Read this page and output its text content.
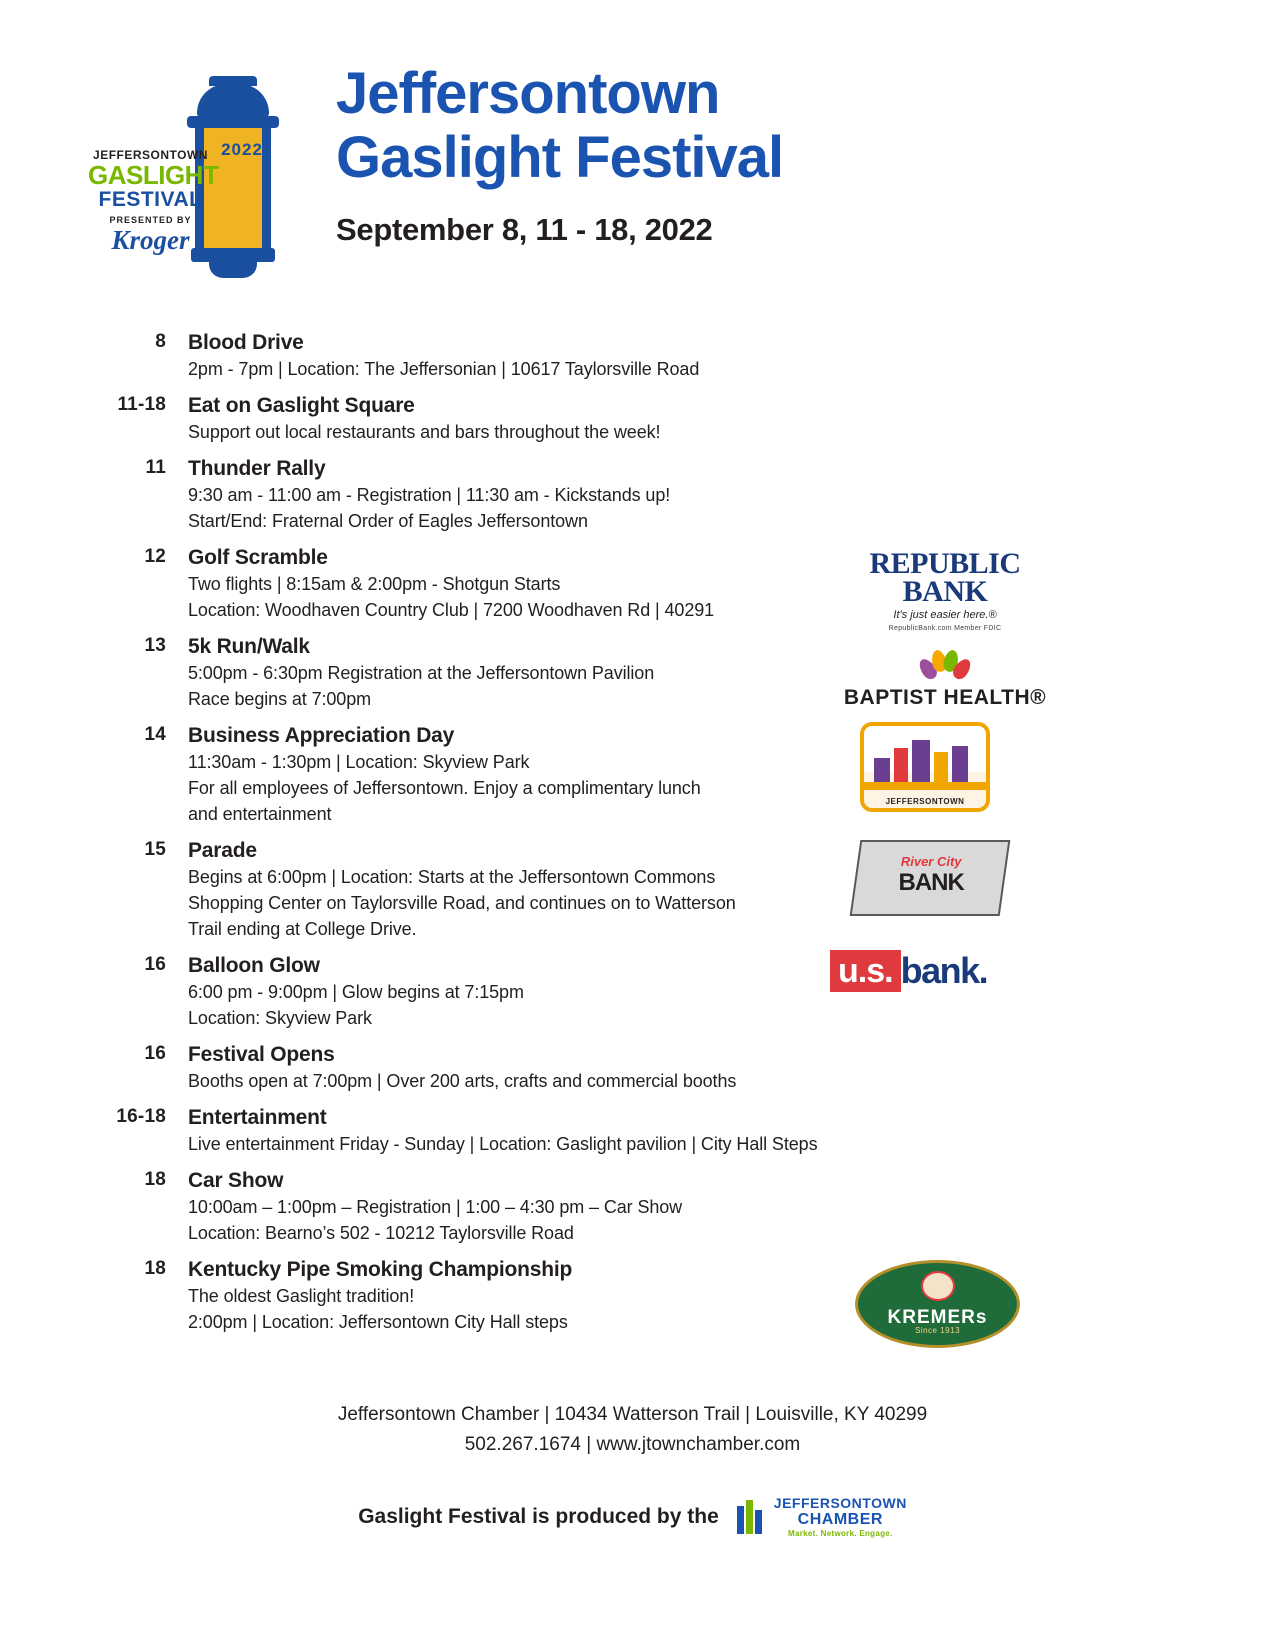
2022
JEFFERSONTOWN
GASLIGHT
FESTIVAL
PRESENTED BY
Kroger
Jeffersontown
Gaslight Festival
September 8, 11 - 18, 2022
8 Blood Drive
2pm - 7pm | Location: The Jeffersonian | 10617 Taylorsville Road
11-18 Eat on Gaslight Square
Support out local restaurants and bars throughout the week!
11 Thunder Rally
9:30 am - 11:00 am - Registration | 11:30 am - Kickstands up!
Start/End: Fraternal Order of Eagles Jeffersontown
12 Golf Scramble
Two flights | 8:15am & 2:00pm - Shotgun Starts
Location: Woodhaven Country Club | 7200 Woodhaven Rd | 40291
13 5k Run/Walk
5:00pm - 6:30pm Registration at the Jeffersontown Pavilion
Race begins at 7:00pm
14 Business Appreciation Day
11:30am - 1:30pm | Location: Skyview Park
For all employees of Jeffersontown. Enjoy a complimentary lunch
and entertainment
15 Parade
Begins at 6:00pm | Location: Starts at the Jeffersontown Commons
Shopping Center on Taylorsville Road, and continues on to Watterson
Trail ending at College Drive.
16 Balloon Glow
6:00 pm - 9:00pm | Glow begins at 7:15pm
Location: Skyview Park
16 Festival Opens
Booths open at 7:00pm | Over 200 arts, crafts and commercial booths
16-18 Entertainment
Live entertainment Friday - Sunday | Location: Gaslight pavilion | City Hall Steps
18 Car Show
10:00am – 1:00pm – Registration | 1:00 – 4:30 pm – Car Show
Location: Bearno’s 502 - 10212 Taylorsville Road
18 Kentucky Pipe Smoking Championship
The oldest Gaslight tradition!
2:00pm | Location: Jeffersontown City Hall steps
REPUBLIC
BANK
It's just easier here.®
RepublicBank.com Member FDIC
BAPTIST HEALTH®
JEFFERSONTOWN
River City
BANK
u.s. bank.
KREMERs
Since 1913
Jeffersontown Chamber | 10434 Watterson Trail | Louisville, KY 40299
502.267.1674 | www.jtownchamber.com
Gaslight Festival is produced by the
JEFFERSONTOWN
CHAMBER
Market. Network. Engage.
